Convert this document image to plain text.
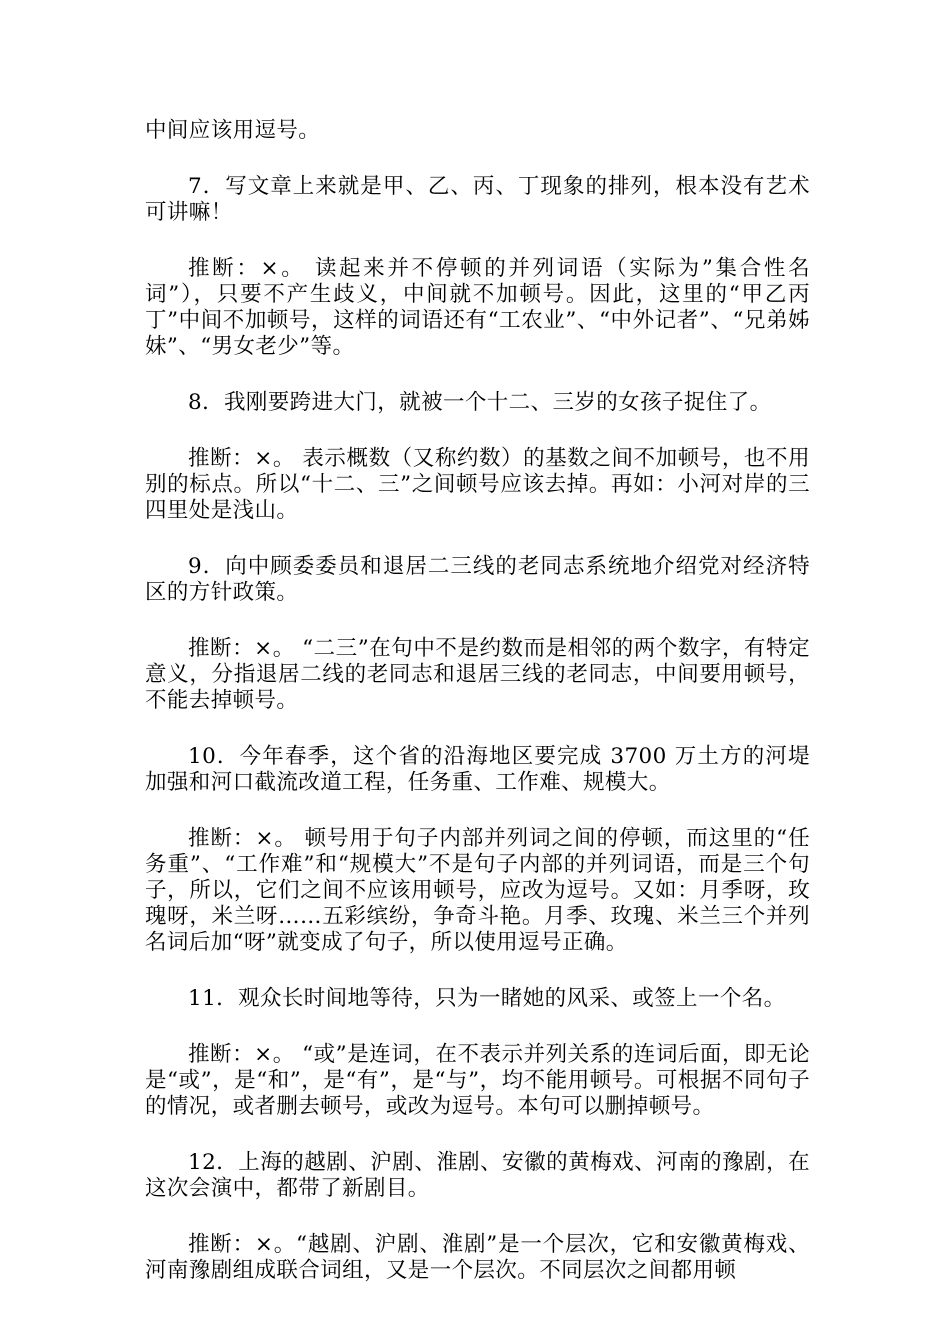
中间应该用逗号。

7．写文章上来就是甲、乙、丙、丁现象的排列，根本没有艺术可讲嘛！

推断：×。 读起来并不停顿的并列词语（实际为”集合性名词”），只要不产生歧义，中间就不加顿号。因此，这里的“甲乙丙丁”中间不加顿号，这样的词语还有“工农业”、“中外记者”、“兄弟姊妹”、“男女老少”等。

8．我刚要跨进大门，就被一个十二、三岁的女孩子捉住了。

推断：×。 表示概数（又称约数）的基数之间不加顿号，也不用别的标点。所以“十二、三”之间顿号应该去掉。再如：小河对岸的三四里处是浅山。

9．向中顾委委员和退居二三线的老同志系统地介绍党对经济特区的方针政策。

推断：×。 “二三”在句中不是约数而是相邻的两个数字，有特定意义，分指退居二线的老同志和退居三线的老同志，中间要用顿号，不能去掉顿号。

10．今年春季，这个省的沿海地区要完成 3700 万土方的河堤加强和河口截流改道工程，任务重、工作难、规模大。

推断：×。 顿号用于句子内部并列词之间的停顿，而这里的“任务重”、“工作难”和“规模大”不是句子内部的并列词语，而是三个句子，所以，它们之间不应该用顿号，应改为逗号。又如：月季呀，玫瑰呀，米兰呀……五彩缤纷，争奇斗艳。月季、玫瑰、米兰三个并列名词后加“呀”就变成了句子，所以使用逗号正确。

11．观众长时间地等待，只为一睹她的风采、或签上一个名。

推断：×。 “或”是连词，在不表示并列关系的连词后面，即无论是“或”，是“和”，是“有”，是“与”，均不能用顿号。可根据不同句子的情况，或者删去顿号，或改为逗号。本句可以删掉顿号。

12．上海的越剧、沪剧、淮剧、安徽的黄梅戏、河南的豫剧，在这次会演中，都带了新剧目。

推断：×。“越剧、沪剧、淮剧”是一个层次，它和安徽黄梅戏、河南豫剧组成联合词组，又是一个层次。不同层次之间都用顿
